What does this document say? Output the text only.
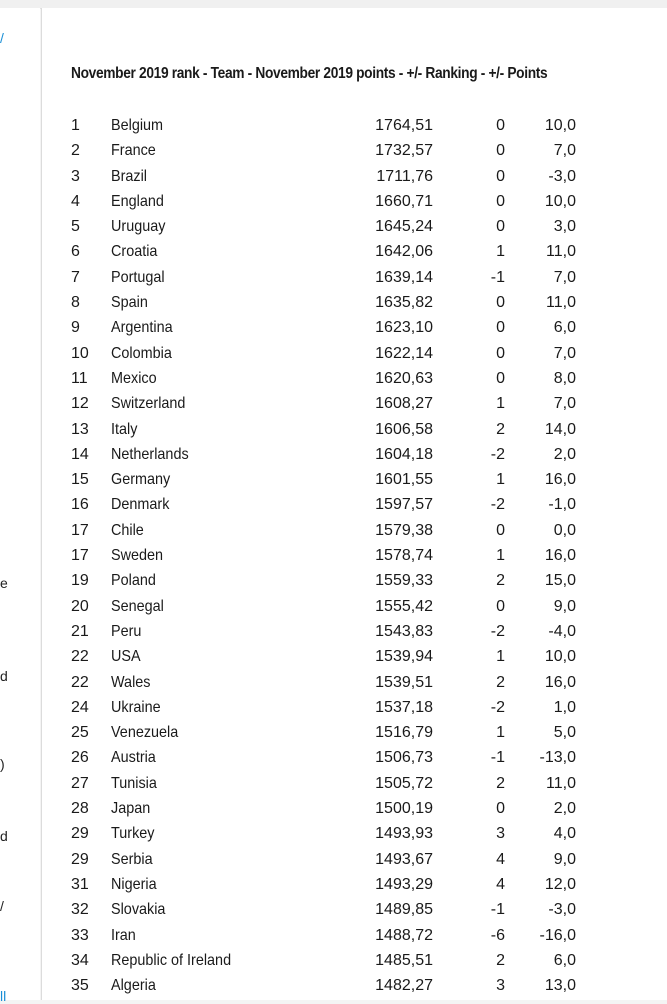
/
e
d
)
d
/
ll
November 2019 rank - Team - November 2019 points - +/- Ranking - +/- Points
1 Belgium	1764,51	0 10,0
2 France	1732,57	0	7,0
3 Brazil	1711,76	0	-3,0
4 England	1660,71	0 10,0
5 Uruguay	1645,24	0	3,0
6 Croatia	1642,06	1	11,0
7 Portugal	1639,14	-1	7,0
8 Spain	1635,82	0	11,0
9 Argentina	1623,10	0	6,0
10 Colombia	1622,14	0	7,0
11 Mexico	1620,63	0	8,0
12 Switzerland	1608,27	1	7,0
13 Italy	1606,58	2 14,0
14 Netherlands	1604,18	-2	2,0
15 Germany	1601,55	1 16,0
16 Denmark	1597,57	-2	-1,0
17 Chile	1579,38	0	0,0
17 Sweden	1578,74	1 16,0
19 Poland	1559,33	2 15,0
20 Senegal	1555,42	0	9,0
21 Peru	1543,83	-2	-4,0
22 USA	1539,94	1 10,0
22 Wales	1539,51	2 16,0
24 Ukraine	1537,18	-2	1,0
25 Venezuela	1516,79	1	5,0
26 Austria	1506,73	-1 -13,0
27 Tunisia	1505,72	2	11,0
28 Japan	1500,19	0	2,0
29 Turkey	1493,93	3	4,0
29 Serbia	1493,67	4	9,0
31 Nigeria	1493,29	4 12,0
32 Slovakia	1489,85	-1	-3,0
33 Iran	1488,72	-6 -16,0
34 Republic of Ireland	1485,51	2	6,0
35 Algeria	1482,27	3 13,0
